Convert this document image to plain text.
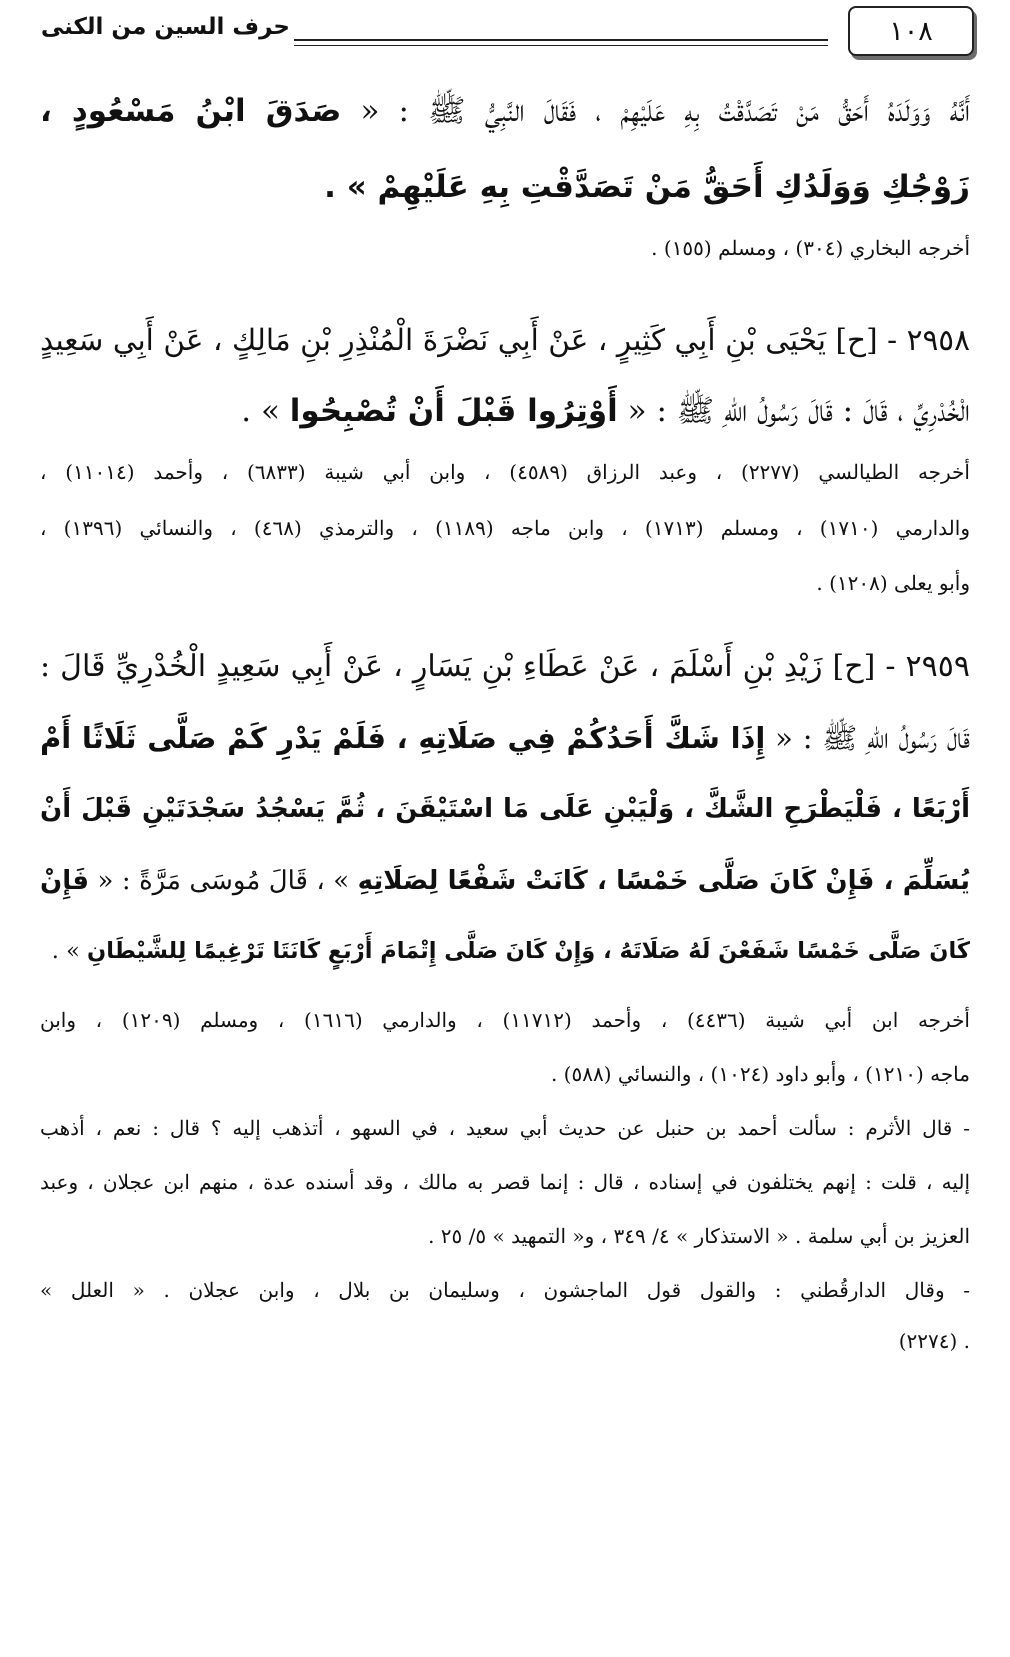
١٠٨
حرف السين من الكنى
أَنَّهُ وَوَلَدَهُ أَحَقُّ مَنْ تَصَدَّقْتُ بِهِ عَلَيْهِمْ ، فَقَالَ النَّبِيُّ ﷺ : « صَدَقَ ابْنُ مَسْعُودٍ ،
زَوْجُكِ وَوَلَدُكِ أَحَقُّ مَنْ تَصَدَّقْتِ بِهِ عَلَيْهِمْ » .
أخرجه البخاري (٣٠٤) ، ومسلم (١٥٥) .
٢٩٥٨ - [ح] يَحْيَى بْنِ أَبِي كَثِيرٍ ، عَنْ أَبِي نَضْرَةَ الْمُنْذِرِ بْنِ مَالِكٍ ، عَنْ أَبِي سَعِيدٍ
الْخُدْرِيِّ ، قَالَ : قَالَ رَسُولُ اللهِ ﷺ : « أَوْتِرُوا قَبْلَ أَنْ تُصْبِحُوا » .
أخرجه الطيالسي (٢٢٧٧) ، وعبد الرزاق (٤٥٨٩) ، وابن أبي شيبة (٦٨٣٣) ، وأحمد (١١٠١٤) ،
والدارمي (١٧١٠) ، ومسلم (١٧١٣) ، وابن ماجه (١١٨٩) ، والترمذي (٤٦٨) ، والنسائي (١٣٩٦) ،
وأبو يعلى (١٢٠٨) .
٢٩٥٩ - [ح] زَيْدِ بْنِ أَسْلَمَ ، عَنْ عَطَاءِ بْنِ يَسَارٍ ، عَنْ أَبِي سَعِيدٍ الْخُدْرِيِّ قَالَ :
قَالَ رَسُولُ اللهِ ﷺ : « إِذَا شَكَّ أَحَدُكُمْ فِي صَلَاتِهِ ، فَلَمْ يَدْرِ كَمْ صَلَّى ثَلَاثًا أَمْ
أَرْبَعًا ، فَلْيَطْرَحِ الشَّكَّ ، وَلْيَبْنِ عَلَى مَا اسْتَيْقَنَ ، ثُمَّ يَسْجُدُ سَجْدَتَيْنِ قَبْلَ أَنْ
يُسَلِّمَ ، فَإِنْ كَانَ صَلَّى خَمْسًا ، كَانَتْ شَفْعًا لِصَلَاتِهِ » ، قَالَ مُوسَى مَرَّةً : « فَإِنْ
كَانَ صَلَّى خَمْسًا شَفَعْنَ لَهُ صَلَاتَهُ ، وَإِنْ كَانَ صَلَّى إِتْمَامَ أَرْبَعٍ كَانَتَا تَرْغِيمًا لِلشَّيْطَانِ » .
أخرجه ابن أبي شيبة (٤٤٣٦) ، وأحمد (١١٧١٢) ، والدارمي (١٦١٦) ، ومسلم (١٢٠٩) ، وابن
ماجه (١٢١٠) ، وأبو داود (١٠٢٤) ، والنسائي (٥٨٨) .
- قال الأثرم : سألت أحمد بن حنبل عن حديث أبي سعيد ، في السهو ، أتذهب إليه ؟ قال : نعم ، أذهب
إليه ، قلت : إنهم يختلفون في إسناده ، قال : إنما قصر به مالك ، وقد أسنده عدة ، منهم ابن عجلان ، وعبد
العزيز بن أبي سلمة . « الاستذكار » ٤/ ٣٤٩ ، و« التمهيد » ٥/ ٢٥ .
- وقال الدارقُطني : والقول قول الماجشون ، وسليمان بن بلال ، وابن عجلان . « العلل »
. (٢٢٧٤)
